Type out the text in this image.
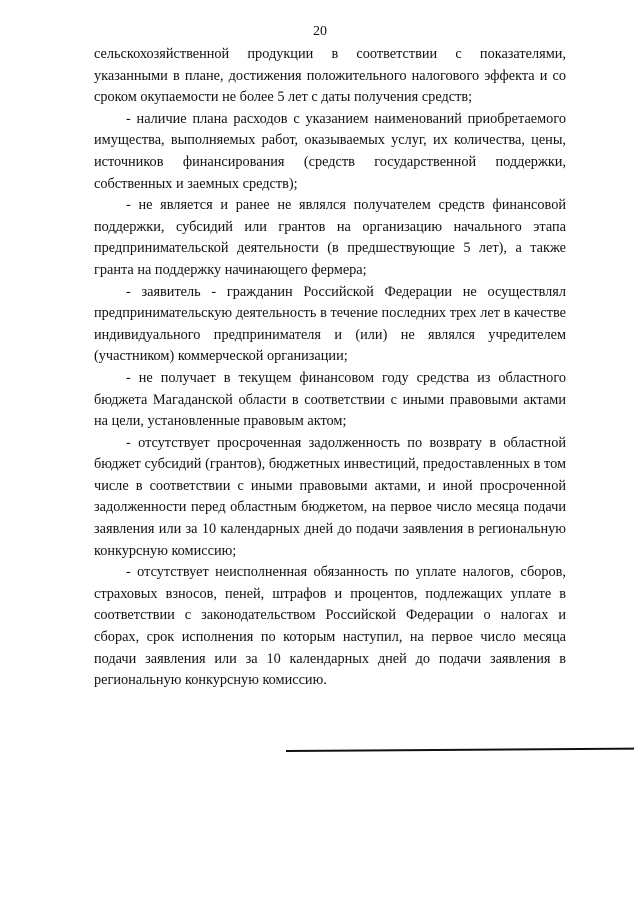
20

сельскохозяйственной продукции в соответствии с показателями, указанными в плане, достижения положительного налогового эффекта и со сроком окупаемости не более 5 лет с даты получения средств;

- наличие плана расходов с указанием наименований приобретаемого имущества, выполняемых работ, оказываемых услуг, их количества, цены, источников финансирования (средств государственной поддержки, собственных и заемных средств);

- не является и ранее не являлся получателем средств финансовой поддержки, субсидий или грантов на организацию начального этапа предпринимательской деятельности (в предшествующие 5 лет), а также гранта на поддержку начинающего фермера;

- заявитель - гражданин Российской Федерации не осуществлял предпринимательскую деятельность в течение последних трех лет в качестве индивидуального предпринимателя и (или) не являлся учредителем (участником) коммерческой организации;

- не получает в текущем финансовом году средства из областного бюджета Магаданской области в соответствии с иными правовыми актами на цели, установленные правовым актом;

- отсутствует просроченная задолженность по возврату в областной бюджет субсидий (грантов), бюджетных инвестиций, предоставленных в том числе в соответствии с иными правовыми актами, и иной просроченной задолженности перед областным бюджетом, на первое число месяца подачи заявления или за 10 календарных дней до подачи заявления в региональную конкурсную комиссию;

- отсутствует неисполненная обязанность по уплате налогов, сборов, страховых взносов, пеней, штрафов и процентов, подлежащих уплате в соответствии с законодательством Российской Федерации о налогах и сборах, срок исполнения по которым наступил, на первое число месяца подачи заявления или за 10 календарных дней до подачи заявления в региональную конкурсную комиссию.
